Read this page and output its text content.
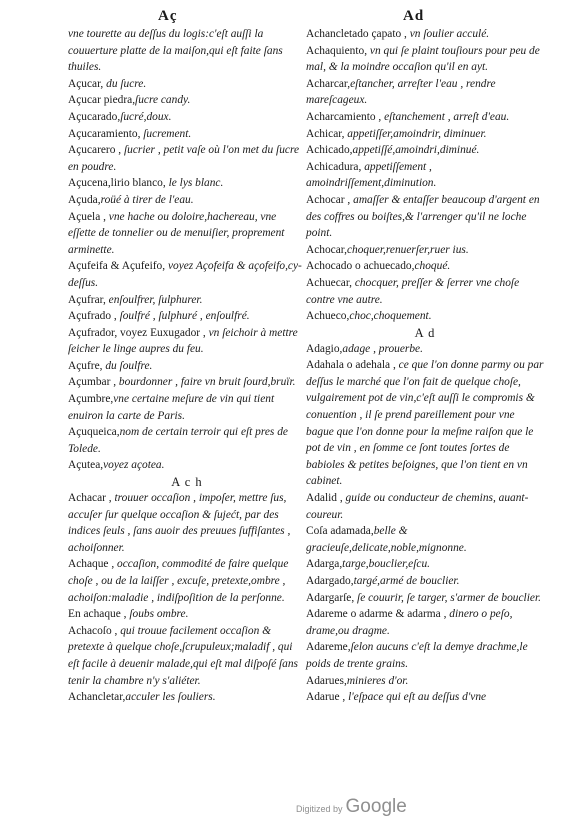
Aç	Ad
vne tourette au deſſus du logis:c'eſt auſſi la couuerture platte de la maiſon,qui eſt faite ſans thuiles.
Açucar, du ſucre.
Açucar piedra,ſucre candy.
Açucarado,ſucré,doux.
Açucaramiento, ſucrement.
Açucarero , ſucrier , petit vaſe où l'on met du ſucre en poudre.
Açucena,lirio blanco, le lys blanc.
Açuda,roüé à tirer de l'eau.
Açuela , vne hache ou doloire,hachereau, vne eſſette de tonnelier ou de menuiſier, proprement arminette.
Açufeifa & Açufeifo, voyez Açofeifa & açofeifo,cy-deſſus.
Açufrar, enſoulfrer, ſulphurer.
Açufrado , ſoulfré , ſulphuré , enſoulfré.
Açufrador, voyez Euxugador , vn ſeichoir à mettre ſeicher le linge aupres du feu.
Açufre, du ſoulfre.
Açumbar , bourdonner , faire vn bruit ſourd,bruïr.
Açumbre,vne certaine meſure de vin qui tient enuiron la carte de Paris.
Açuqueica,nom de certain terroir qui eſt pres de Tolede.
Açutea,voyez açotea.
A c h
Achacar , trouuer occaſion , impoſer, mettre ſus, accuſer ſur quelque occaſion & ſujećt, par des indices ſeuls , ſans auoir des preuues ſuffiſantes , achoiſonner.
Achaque , occaſion, commodité de faire quelque choſe , ou de la laiſſer , excuſe, pretexte,ombre , achoiſon:maladie , indiſpoſition de la perſonne.
En achaque , ſoubs ombre.
Achacoſo , qui trouue facilement occaſion & pretexte à quelque choſe,ſcrupuleux;maladif , qui eſt facile à deuenir malade,qui eſt mal diſpoſé ſans tenir la chambre n'y s'aliéter.
Achancletar,acculer les ſouliers.
Achancletado çapato , vn ſoulier acculé.
Achaquiento, vn qui ſe plaint touſiours pour peu de mal, & la moindre occaſion qu'il en ayt.
Acharcar,eſtancher, arreſter l'eau , rendre mareſcageux.
Acharcamiento , eſtanchement , arreſt d'eau.
Achicar, appetiſſer,amoindrir, diminuer.
Achicado,appetiſſé,amoindri,diminué.
Achicadura, appetiſſement , amoindriſſement,diminution.
Achocar , amaſſer & entaſſer beaucoup d'argent en des coffres ou boiſtes,& l'arrenger qu'il ne loche point.
Achocar,choquer,renuerſer,ruer ius.
Achocado o achuecado,choqué.
Achuecar, chocquer, preſſer & ſerrer vne choſe contre vne autre.
Achueco,choc,choquement.
A d
Adagio,adage , prouerbe.
Adahala o adehala , ce que l'on donne parmy ou par deſſus le marché que l'on fait de quelque choſe, vulgairement pot de vin,c'eſt auſſi le compromis & conuention , il ſe prend pareillement pour vne bague que l'on donne pour la meſme raiſon que le pot de vin , en ſomme ce ſont toutes ſortes de babioles & petites beſoignes, que l'on tient en vn cabinet.
Adalid , guide ou conducteur de chemins, auant-coureur.
Coſa adamada,belle & gracieuſe,delicate,noble,mignonne.
Adarga,targe,bouclier,eſcu.
Adargado,targé,armé de bouclier.
Adargarſe, ſe couurir, ſe targer, s'armer de bouclier.
Adareme o adarme & adarma , dinero o peſo, drame,ou dragme.
Adareme,ſelon aucuns c'eſt la demye drachme,le poids de trente grains.
Adarues,minieres d'or.
Adarue , l'eſpace qui eſt au deſſus d'vne
Digitized by Google
